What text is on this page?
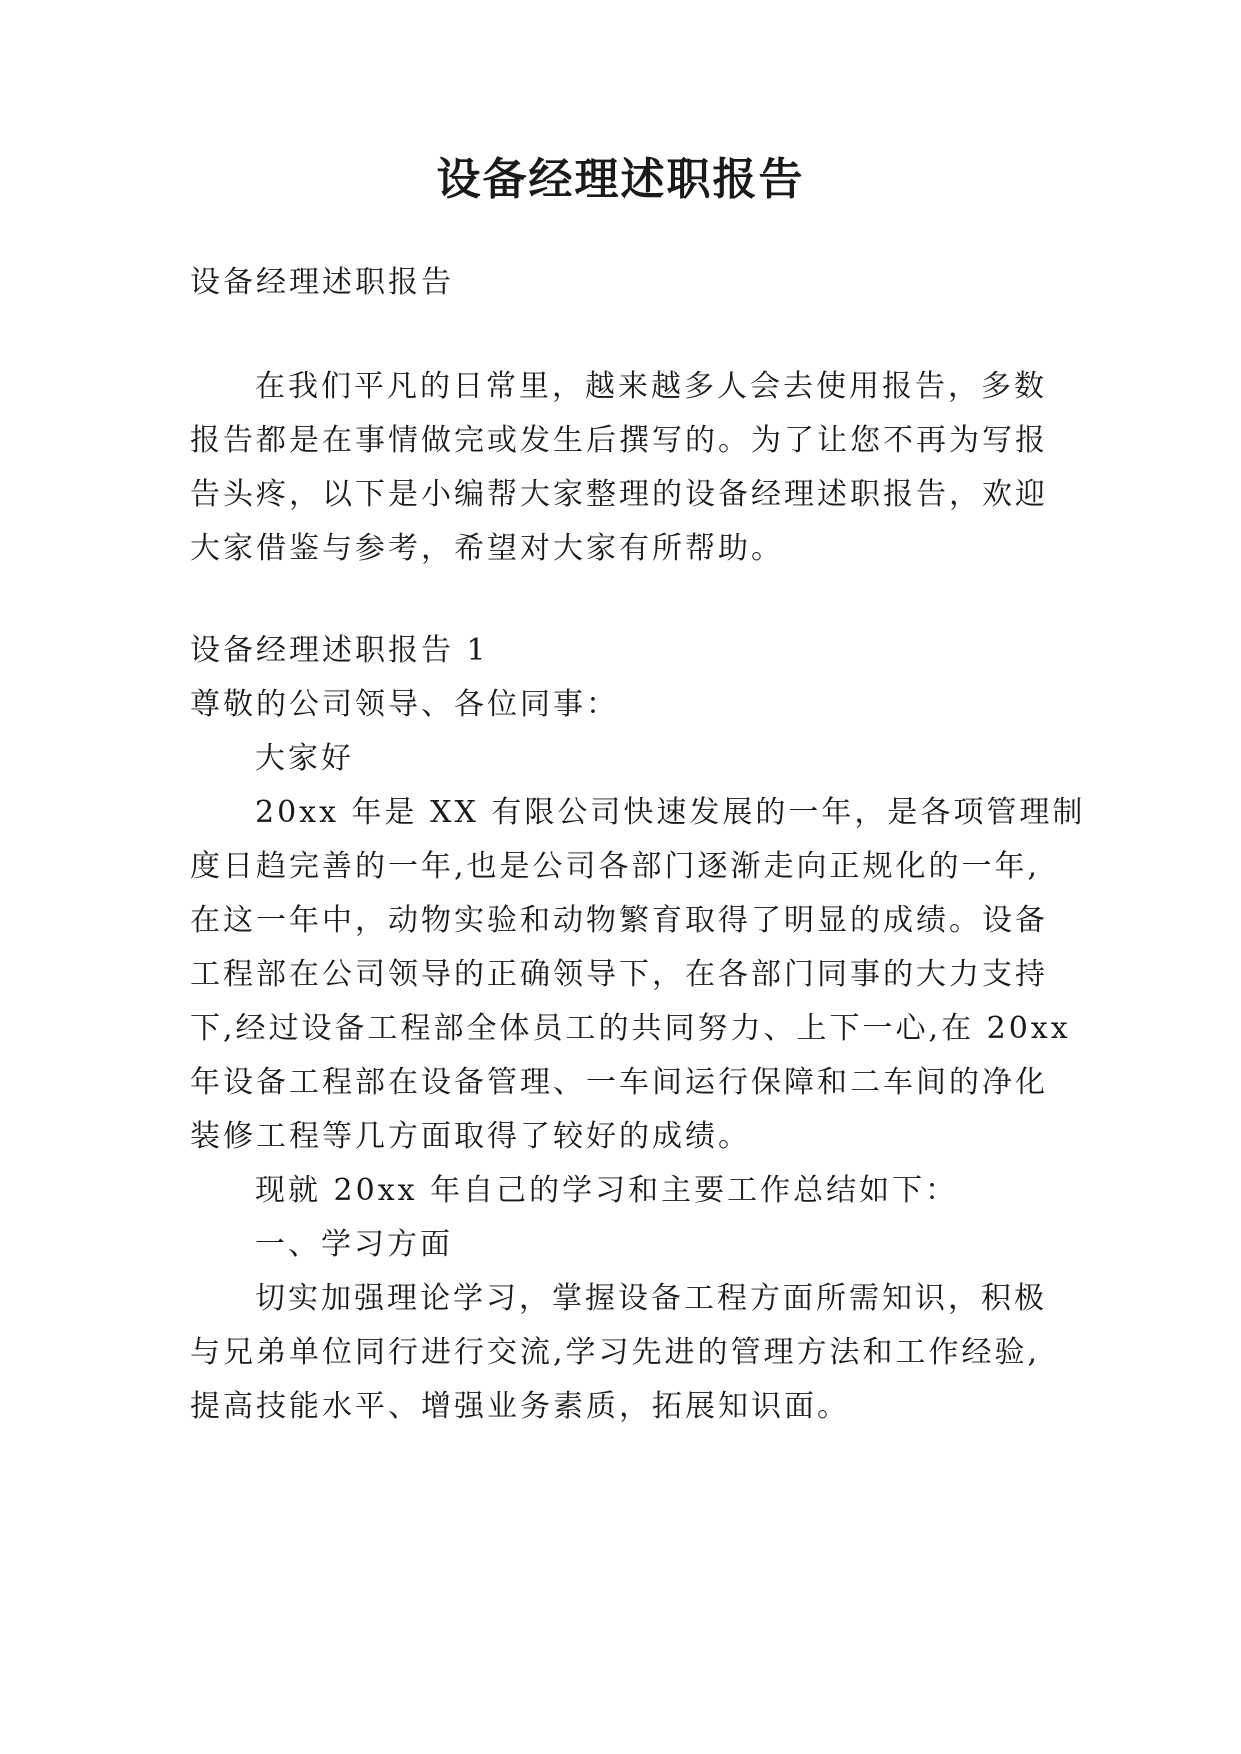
设备经理述职报告

设备经理述职报告

在我们平凡的日常里，越来越多人会去使用报告，多数

报告都是在事情做完或发生后撰写的。为了让您不再为写报

告头疼，以下是小编帮大家整理的设备经理述职报告，欢迎

大家借鉴与参考，希望对大家有所帮助。

设备经理述职报告 1

尊敬的公司领导、各位同事：

大家好

20xx 年是 XX 有限公司快速发展的一年，是各项管理制

度日趋完善的一年,也是公司各部门逐渐走向正规化的一年,

在这一年中，动物实验和动物繁育取得了明显的成绩。设备

工程部在公司领导的正确领导下，在各部门同事的大力支持

下,经过设备工程部全体员工的共同努力、上下一心,在 20xx

年设备工程部在设备管理、一车间运行保障和二车间的净化

装修工程等几方面取得了较好的成绩。

现就 20xx 年自己的学习和主要工作总结如下：

一、学习方面

切实加强理论学习，掌握设备工程方面所需知识，积极

与兄弟单位同行进行交流,学习先进的管理方法和工作经验,

提高技能水平、增强业务素质，拓展知识面。
